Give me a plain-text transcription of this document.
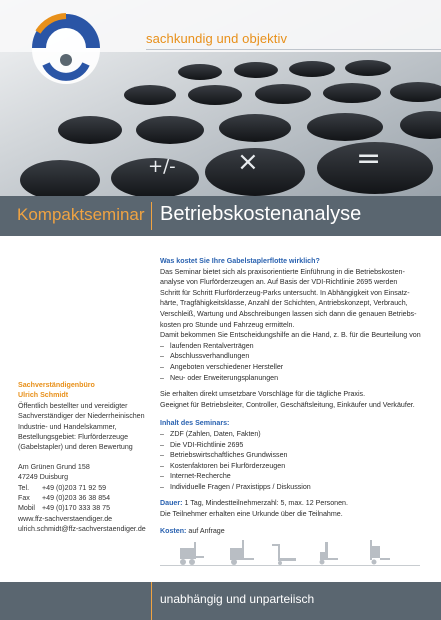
+/- ×	=
sachkundig und objektiv
Kompaktseminar Betriebskostenanalyse

Sachverständigenbüro
Ulrich Schmidt
Öffentlich bestellter und vereidigter
Sachverständiger der Niederrheinischen
Industrie- und Handelskammer,
Bestellungsgebiet: Flurförderzeuge
(Gabelstapler) und deren Bewertung

Am Grünen Grund 158
47249 Duisburg
Tel. +49 (0)203 71 92 59
Fax +49 (0)203 36 38 854
Mobil +49 (0)170 333 38 75
www.ffz-sachverstaendiger.de
ulrich.schmidt@ffz-sachverstaendiger.de

Was kostet Sie Ihre Gabelstaplerflotte wirklich?

Das Seminar bietet sich als praxisorientierte Einführung in die Betriebskosten-
analyse von Flurförderzeugen an. Auf Basis der VDI-Richtlinie 2695 werden
Schritt für Schritt Flurförderzeug-Parks untersucht. In Abhängigkeit von Einsatz-
härte, Tragfähigkeitsklasse, Anzahl der Schichten, Antriebskonzept, Verbrauch,
Verschleiß, Wartung und Abschreibungen lassen sich dann die genauen Betriebs-
kosten pro Stunde und Fahrzeug ermitteln.
Damit bekommen Sie Entscheidungshilfe an die Hand, z. B. für die Beurteilung von

– laufenden Rentalverträgen
– Abschlussverhandlungen
– Angeboten verschiedener Hersteller
– Neu- oder Erweiterungsplanungen

Sie erhalten direkt umsetzbare Vorschläge für die tägliche Praxis.
Geeignet für Betriebsleiter, Controller, Geschäftsleitung, Einkäufer und Verkäufer.

Inhalt des Seminars:
– ZDF (Zahlen, Daten, Fakten)
– Die VDI-Richtlinie 2695
– Betriebswirtschaftliches Grundwissen
– Kostenfaktoren bei Flurförderzeugen
– Internet-Recherche
– Individuelle Fragen / Praxistipps / Diskussion

Dauer: 1 Tag, Mindestteilnehmerzahl: 5, max. 12 Personen.
Die Teilnehmer erhalten eine Urkunde über die Teilnahme.

Kosten: auf Anfrage

unabhängig und unparteiisch
